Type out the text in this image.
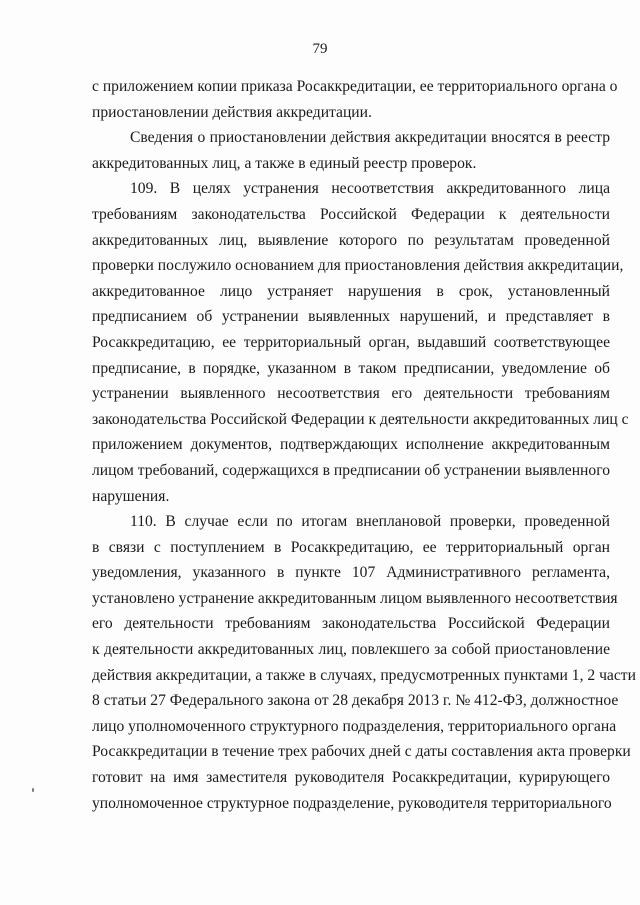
79
с приложением копии приказа Росаккредитации, ее территориального органа о
приостановлении действия аккредитации.
Сведения о приостановлении действия аккредитации вносятся в реестр
аккредитованных лиц, а также в единый реестр проверок.
109. В целях устранения несоответствия аккредитованного лица
требованиям законодательства Российской Федерации к деятельности
аккредитованных лиц, выявление которого по результатам проведенной
проверки послужило основанием для приостановления действия аккредитации,
аккредитованное лицо устраняет нарушения в срок, установленный
предписанием об устранении выявленных нарушений, и представляет в
Росаккредитацию, ее территориальный орган, выдавший соответствующее
предписание, в порядке, указанном в таком предписании, уведомление об
устранении выявленного несоответствия его деятельности требованиям
законодательства Российской Федерации к деятельности аккредитованных лиц с
приложением документов, подтверждающих исполнение аккредитованным
лицом требований, содержащихся в предписании об устранении выявленного
нарушения.
110. В случае если по итогам внеплановой проверки, проведенной
в связи с поступлением в Росаккредитацию, ее территориальный орган
уведомления, указанного в пункте 107 Административного регламента,
установлено устранение аккредитованным лицом выявленного несоответствия
его деятельности требованиям законодательства Российской Федерации
к деятельности аккредитованных лиц, повлекшего за собой приостановление
действия аккредитации, а также в случаях, предусмотренных пунктами 1, 2 части
8 статьи 27 Федерального закона от 28 декабря 2013 г. № 412-ФЗ, должностное
лицо уполномоченного структурного подразделения, территориального органа
Росаккредитации в течение трех рабочих дней с даты составления акта проверки
готовит на имя заместителя руководителя Росаккредитации, курирующего
уполномоченное структурное подразделение, руководителя территориального
